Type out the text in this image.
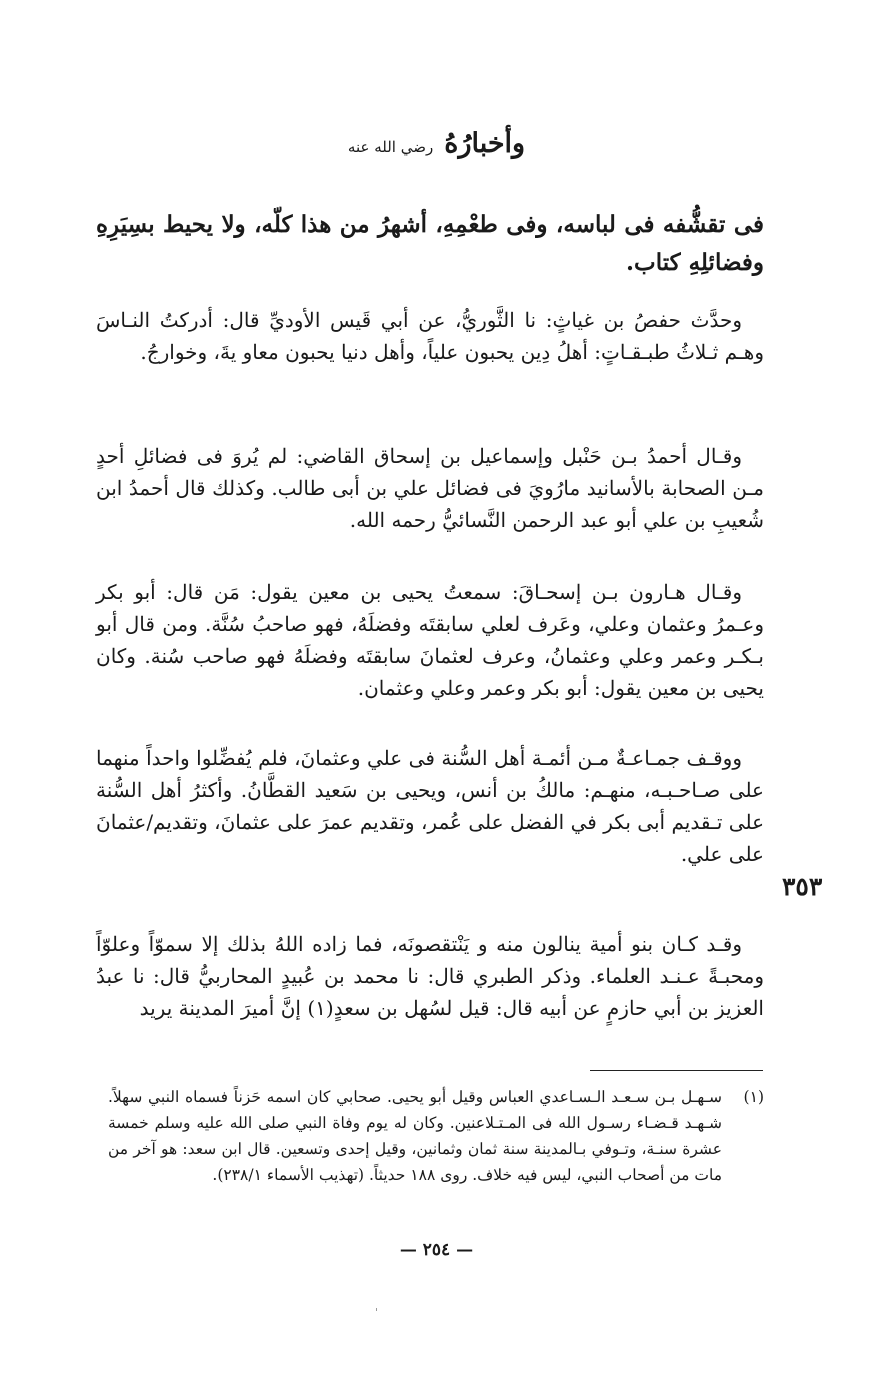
وأخبارُهُ رضي الله عنه

فى تقشُّفه فى لباسه، وفى طعْمِهِ، أشهرُ من هذا كلّه، ولا يحيط بسِيَرِهِ وفضائلِهِ كتاب.

وحدَّث حفصُ بن غياثٍ: نا الثَّوريُّ، عن أبي قَيس الأوديِّ قال: أدركتُ النـاسَ وهـم ثـلاثُ طبـقـاتٍ: أهلُ دِين يحبون علياً، وأهل دنيا يحبون معاو يةَ، وخوارجُ.

وقـال أحمدُ بـن حَنْبل وإسماعيل بن إسحاق القاضي: لم يُروَ فى فضائلِ أحدٍ مـن الصحابة بالأسانيد مارُويَ فى فضائل علي بن أبى طالب. وكذلك قال أحمدُ ابن شُعيبِ بن علي أبو عبد الرحمن النَّسائيُّ رحمه الله.

وقـال هـارون بـن إسحـاقَ: سمعتُ يحيى بن معين يقول: مَن قال: أبو بكر وعـمرُ وعثمان وعلي، وعَرف لعلي سابقتَه وفضلَهُ، فهو صاحبُ سُنَّة. ومن قال أبو بـكـر وعمر وعلي وعثمانُ، وعرف لعثمانَ سابقتَه وفضلَهُ فهو صاحب سُنة. وكان يحيى بن معين يقول: أبو بكر وعمر وعلي وعثمان.

ووقـف جمـاعـةٌ مـن أئمـة أهل السُّنة فى علي وعثمانَ، فلم يُفضِّلوا واحداً منهما على صـاحـبـه، منهـم: مالكُ بن أنس، ويحيى بن سَعيد القطَّانُ. وأكثرُ أهل السُّنة على تـقديم أبى بكر في الفضل على عُمر، وتقديم عمرَ على عثمانَ، وتقديم/عثمانَ على علي.

٣٥٣

وقـد كـان بنو أمية ينالون منه و يَنْتقصونَه، فما زاده اللهُ بذلك إلا سموّاً وعلوّاً ومحبـةً عـنـد العلماء. وذكر الطبري قال: نا محمد بن عُبيدٍ المحاربيُّ قال: نا عبدُ العزيز بن أبي حازمٍ عن أبيه قال: قيل لسُهل بن سعدٍ(١) إنَّ أميرَ المدينة يريد

(١)
سـهـل بـن سـعـد الـسـاعدي العباس وقيل أبو يحيى. صحابي كان اسمه حَزناً فسماه النبي سهلاً. شـهـد قـضـاء رسـول الله فى المـتـلاعنين. وكان له يوم وفاة النبي صلى الله عليه وسلم خمسة عشرة سنـة، وتـوفي بـالمدينة سنة ثمان وثمانين، وقيل إحدى وتسعين. قال ابن سعد: هو آخر من مات من أصحاب النبي، ليس فيه خلاف. روى ١٨٨ حديثاً. (تهذيب الأسماء ٢٣٨/١).
— ٢٥٤ —
